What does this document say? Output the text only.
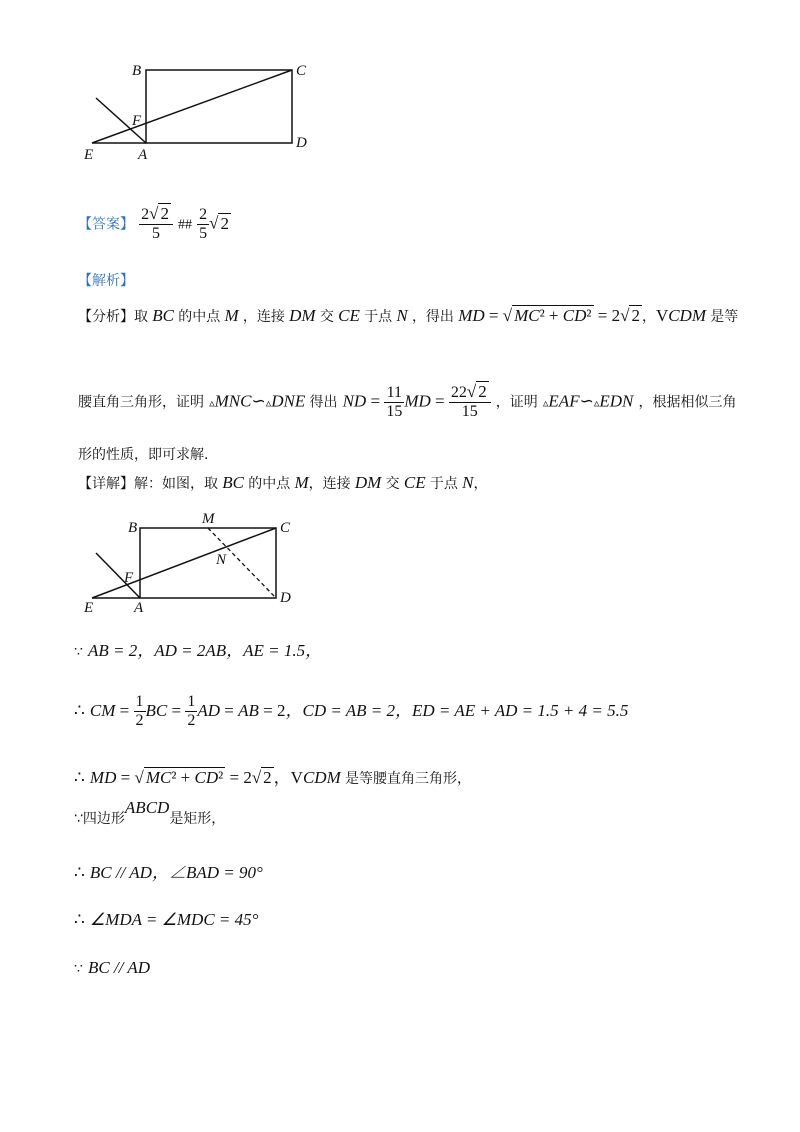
B	C
D
E
F
A
【答案】 $\frac{2√ 2}{5}$ ## $\frac{2}{5}$ √ 2
【解析】
【分析】取 BC 的中点 M ，连接 DM 交 CE 于点 N ，得出 MD = √ MC² + CD² = 2√ 2 ，VCDM 是等
腰直角三角形，证明 ▵MNC∽▵DNE 得出 ND = $\frac{11}{15}$ MD = $\frac{22√ 2}{15}$ ，证明 ▵EAF∽▵EDN ，根据相似三角
形的性质，即可求解.
【详解】解：如图，取 BC 的中点 M，连接 DM 交 CE 于点 N，
B
M
C
N
F
E	A
D
∵ AB = 2，AD = 2AB，AE = 1.5，
∴ CM = $\frac{1}{2}$ BC = $\frac{1}{2}$ AD = AB = 2，CD = AB = 2，ED = AE + AD = 1.5 + 4 = 5.5
∴ MD = √ MC² + CD² = 2√ 2 ，VCDM 是等腰直角三角形，
∵四边形ABCD是矩形，
∴ BC // AD，∠BAD = 90°
∴ ∠MDA = ∠MDC = 45°
∵ BC // AD
